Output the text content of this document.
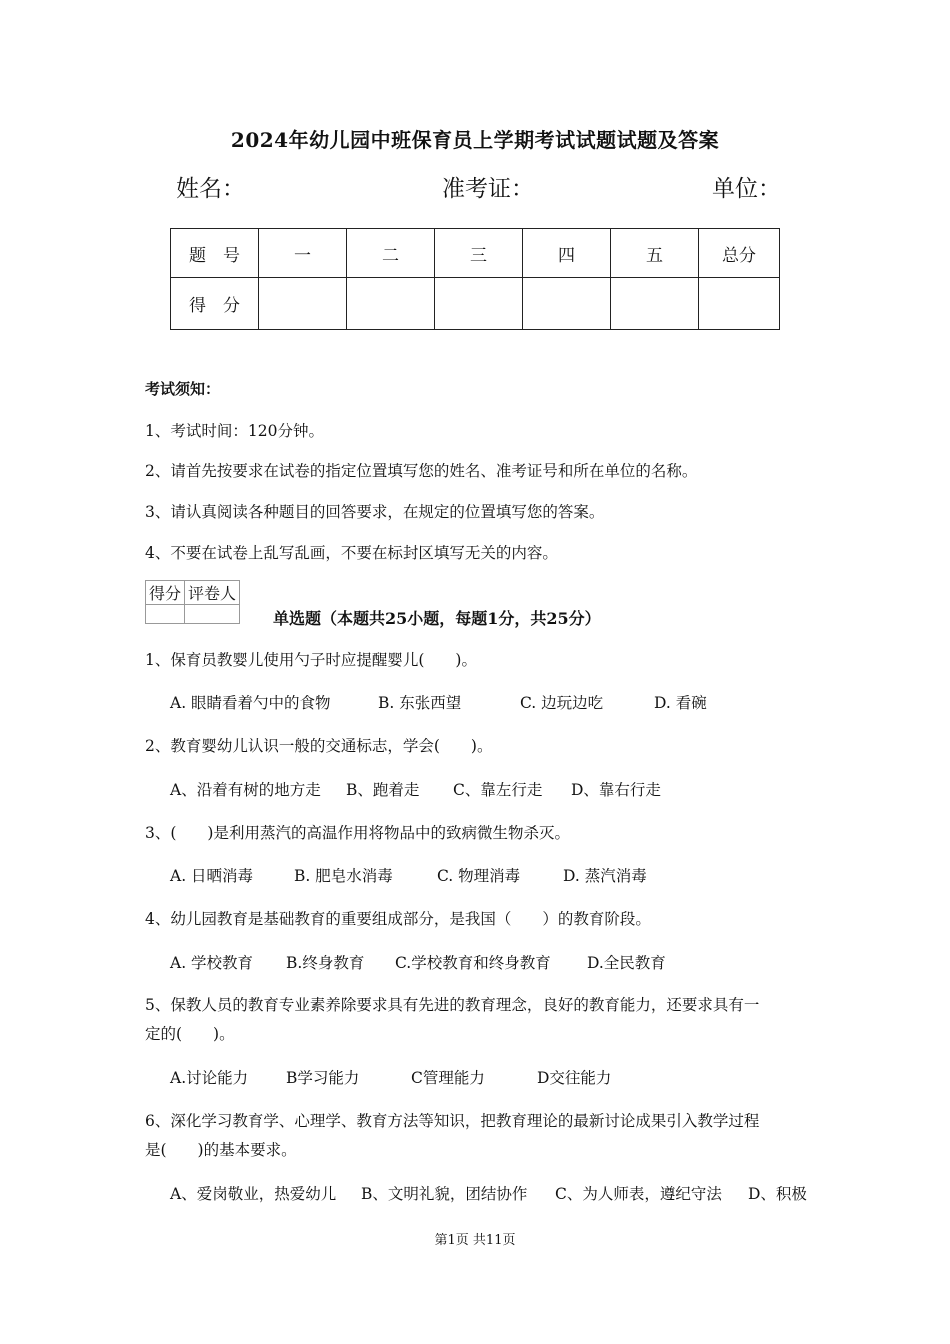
2024年幼儿园中班保育员上学期考试试题试题及答案
姓名：	准考证：	单位：
题　号	一	二	三	四	五	总分
得　分						
考试须知：
1、考试时间：120分钟。
2、请首先按要求在试卷的指定位置填写您的姓名、准考证号和所在单位的名称。
3、请认真阅读各种题目的回答要求，在规定的位置填写您的答案。
4、不要在试卷上乱写乱画，不要在标封区填写无关的内容。
得分	评卷人

单选题（本题共25小题，每题1分，共25分）
1、保育员教婴儿使用勺子时应提醒婴儿(　　)。
A. 眼睛看着勺中的食物	B. 东张西望	C. 边玩边吃	D. 看碗
2、教育婴幼儿认识一般的交通标志，学会(　　)。
A、沿着有树的地方走 B、跑着走 C、靠左行走 D、靠右行走
3、(　　)是利用蒸汽的高温作用将物品中的致病微生物杀灭。
A. 日晒消毒	B. 肥皂水消毒	C. 物理消毒	D. 蒸汽消毒
4、幼儿园教育是基础教育的重要组成部分，是我国（　　）的教育阶段。
A. 学校教育 B.终身教育 C.学校教育和终身教育 D.全民教育
5、保教人员的教育专业素养除要求具有先进的教育理念，良好的教育能力，还要求具有一
定的(　　)。
A.讨论能力 B学习能力	C管理能力	D交往能力
6、深化学习教育学、心理学、教育方法等知识，把教育理论的最新讨论成果引入教学过程
是(　　)的基本要求。
A、爱岗敬业，热爱幼儿 B、文明礼貌，团结协作 C、为人师表，遵纪守法 D、积极
第1页 共11页
